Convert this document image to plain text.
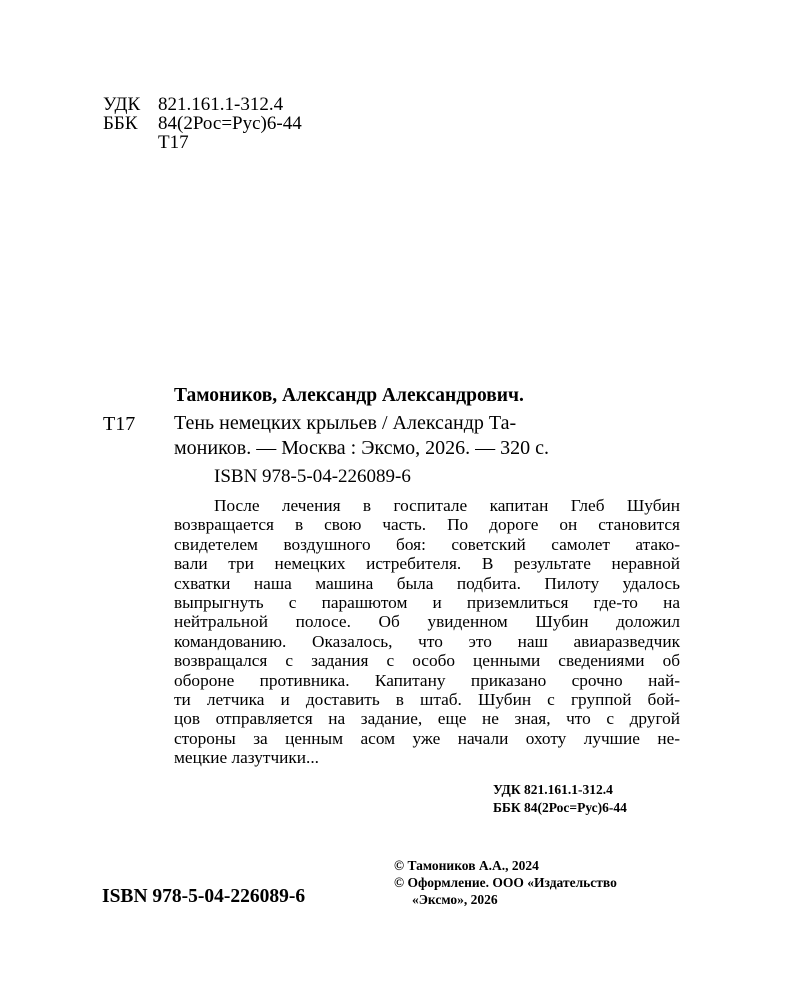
УДК 821.161.1-312.4
ББК 84(2Рос=Рус)6-44
Т17
Тамоников, Александр Александрович.
Т17 Тень немецких крыльев / Александр Та-
моников. — Москва : Эксмо, 2026. — 320 с.
ISBN 978-5-04-226089-6
После лечения в госпитале капитан Глеб Шубин
возвращается в свою часть. По дороге он становится
свидетелем воздушного боя: советский самолет атако-
вали три немецких истребителя. В результате неравной
схватки наша машина была подбита. Пилоту удалось
выпрыгнуть с парашютом и приземлиться где-то на
нейтральной полосе. Об увиденном Шубин доложил
командованию. Оказалось, что это наш авиаразведчик
возвращался с задания с особо ценными сведениями об
обороне противника. Капитану приказано срочно най-
ти летчика и доставить в штаб. Шубин с группой бой-
цов отправляется на задание, еще не зная, что с другой
стороны за ценным асом уже начали охоту лучшие не-
мецкие лазутчики...
УДК 821.161.1-312.4
ББК 84(2Рос=Рус)6-44
ISBN 978-5-04-226089-6
© Тамоников А.А., 2024
© Оформление. ООО «Издательство
«Эксмо», 2026
